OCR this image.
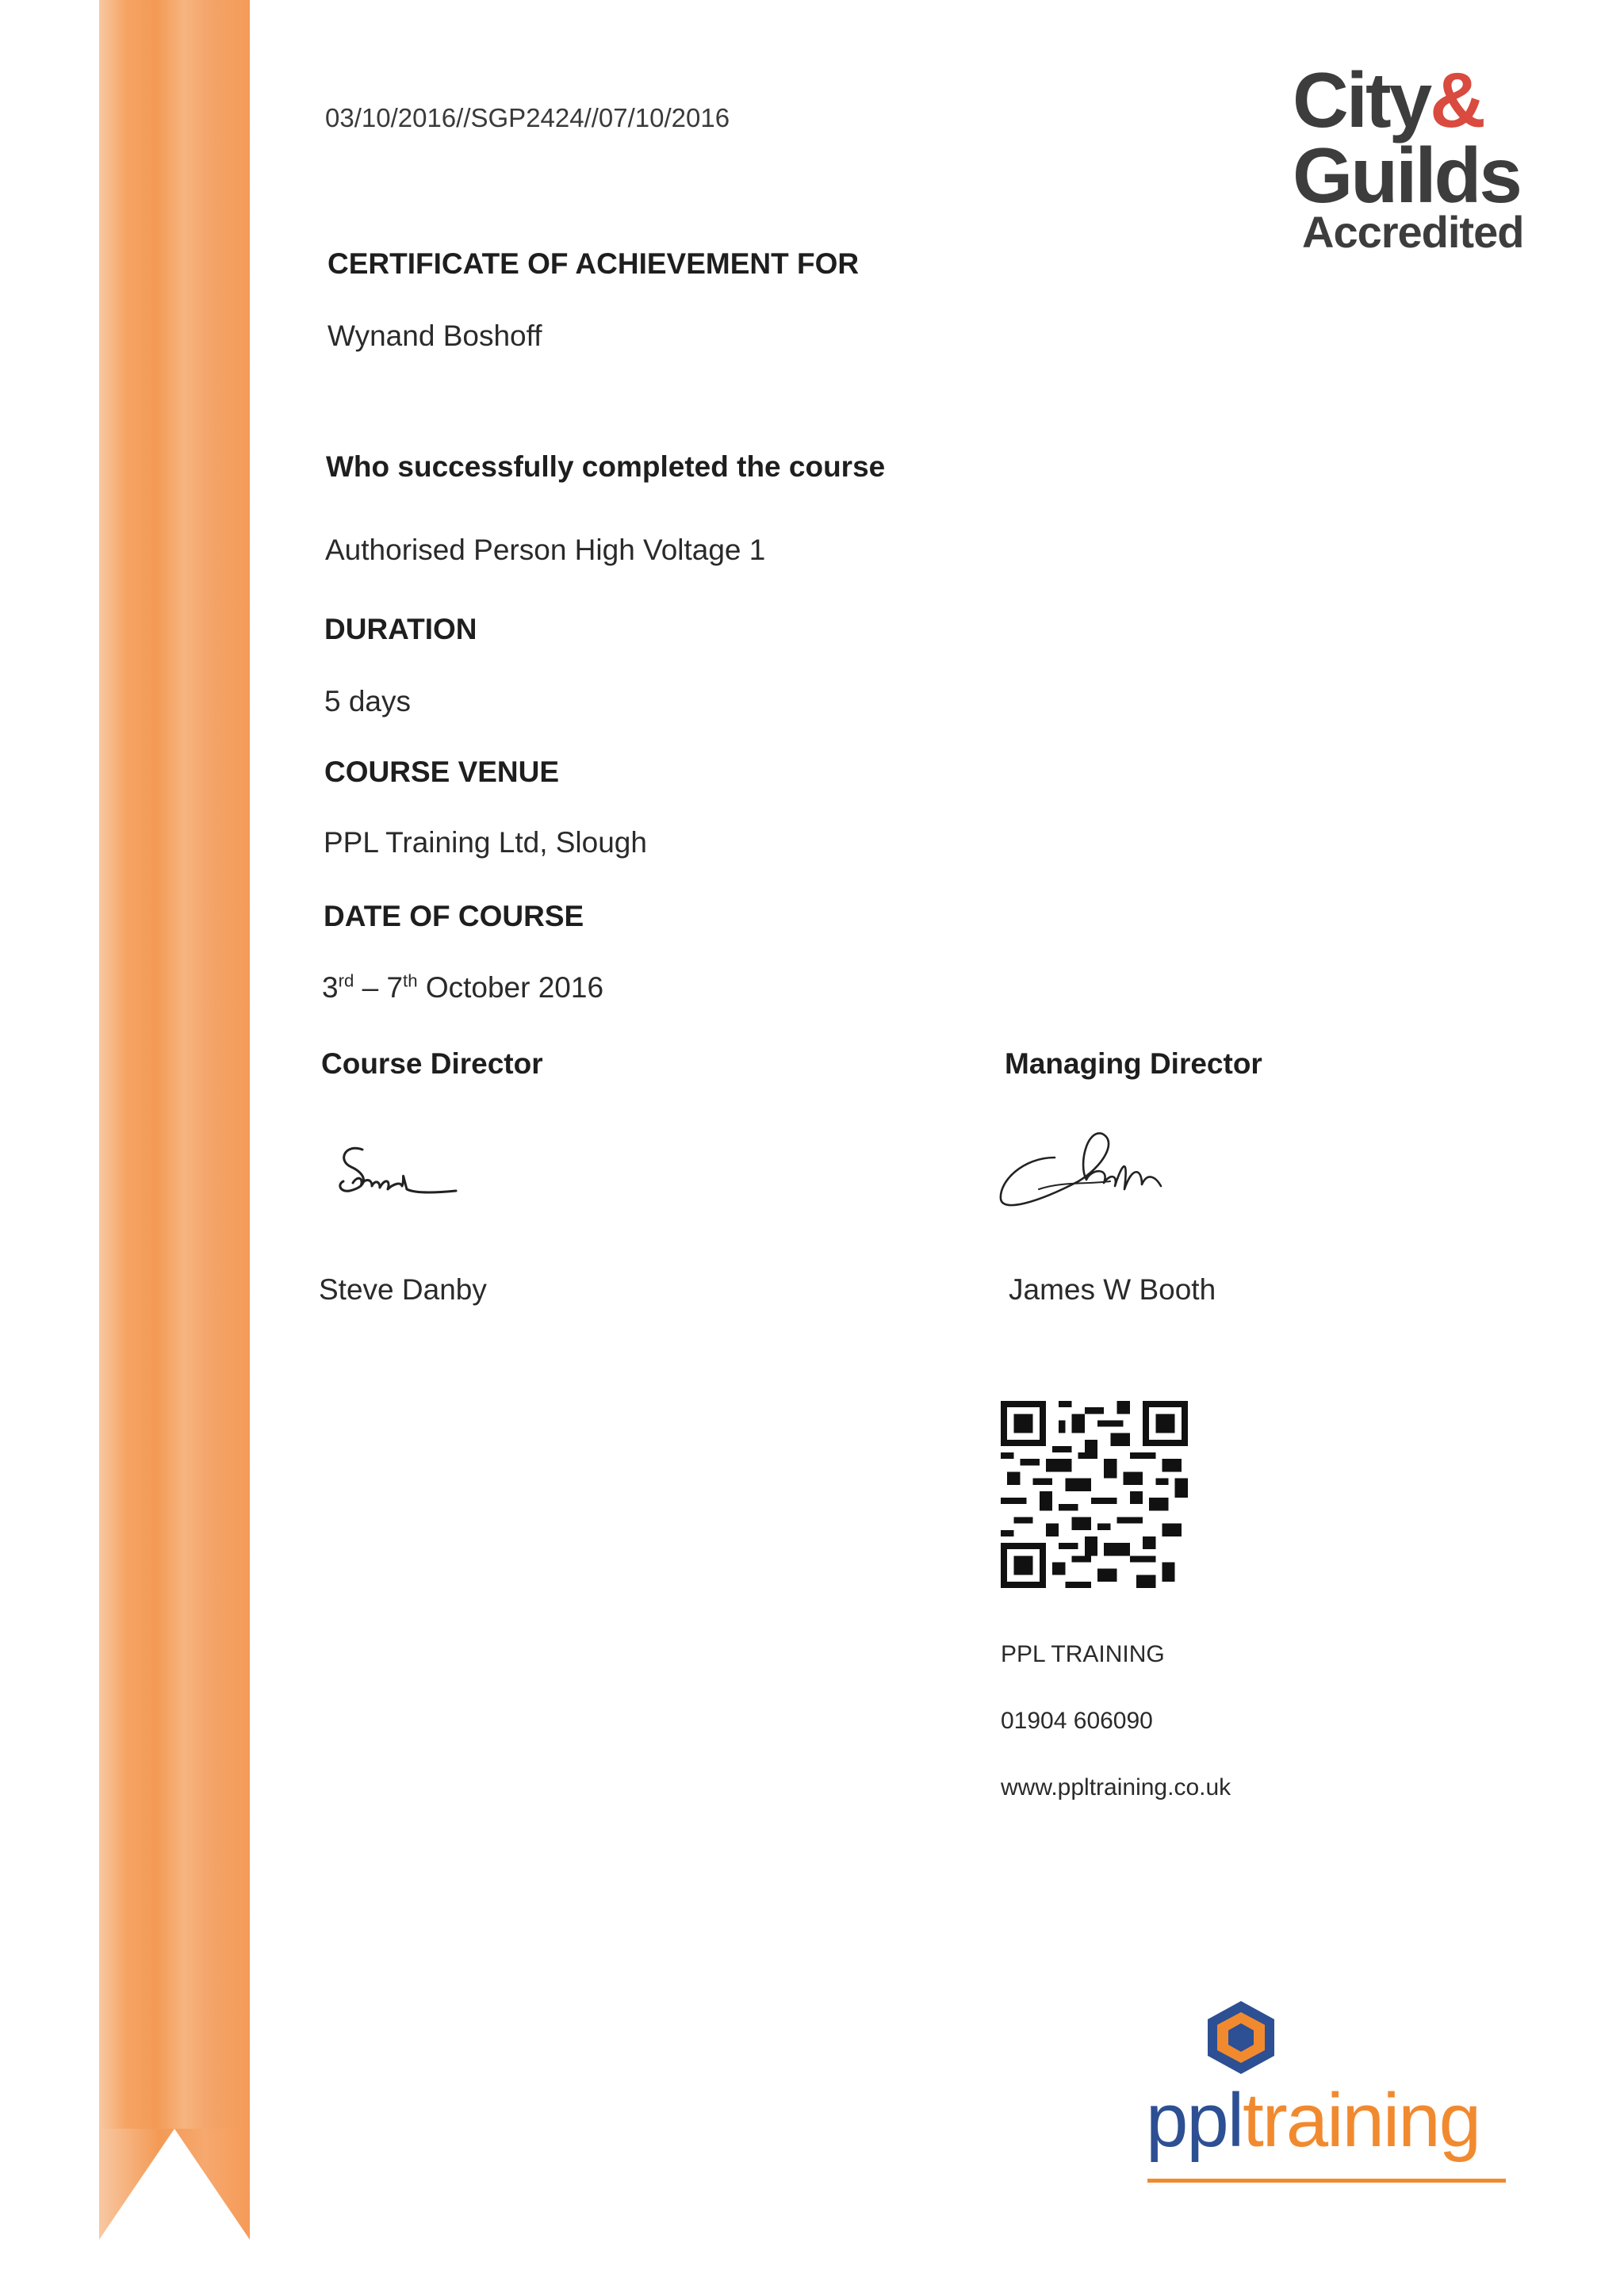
03/10/2016//SGP2424//07/10/2016	City&
Guilds
Accredited
CERTIFICATE OF ACHIEVEMENT FOR
Wynand Boshoff
Who successfully completed the course
Authorised Person High Voltage 1
DURATION
5 days
COURSE VENUE
PPL Training Ltd, Slough
DATE OF COURSE
3rd – 7th October 2016
Course Director	Managing Director
Steve Danby	James W Booth
PPL TRAINING
01904 606090
www.ppltraining.co.uk
ppltraining
